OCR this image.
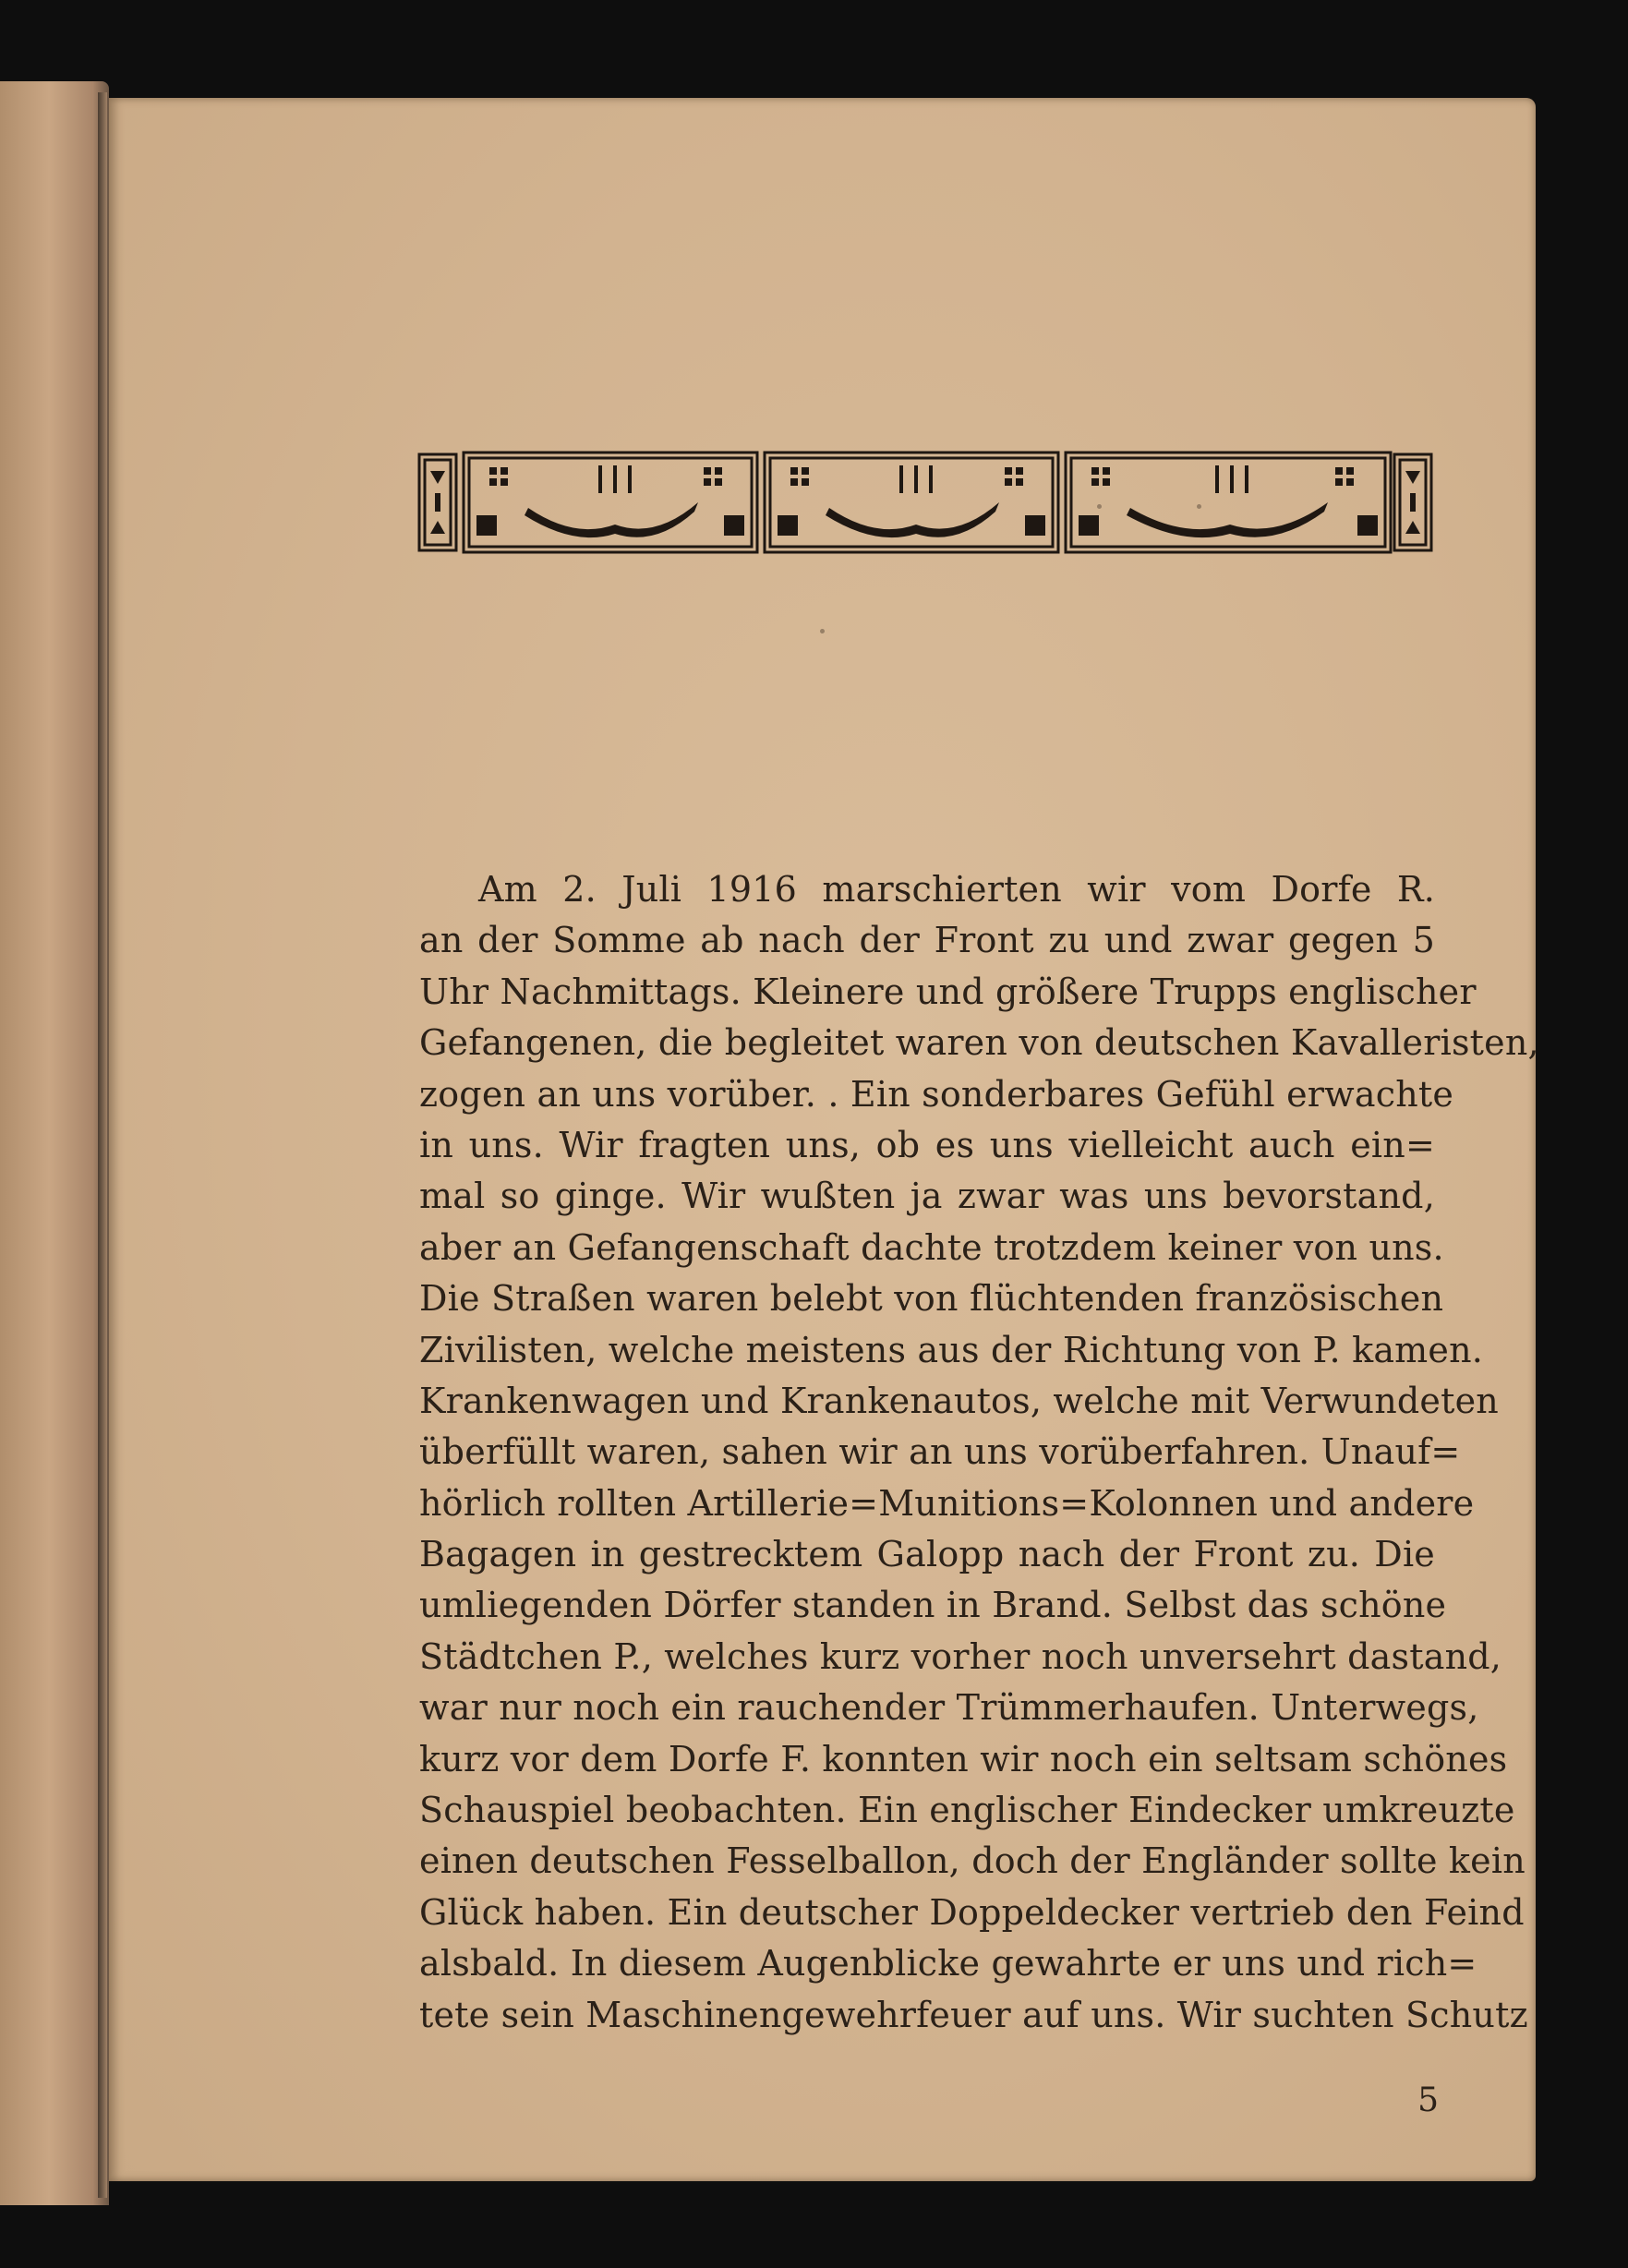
Am 2. Juli 1916 marschierten wir vom Dorfe R.
an der Somme ab nach der Front zu und zwar gegen 5
Uhr Nachmittags. Kleinere und größere Trupps englischer
Gefangenen, die begleitet waren von deutschen Kavalleristen,
zogen an uns vorüber. . Ein sonderbares Gefühl erwachte
in uns. Wir fragten uns, ob es uns vielleicht auch ein=
mal so ginge. Wir wußten ja zwar was uns bevorstand,
aber an Gefangenschaft dachte trotzdem keiner von uns.
Die Straßen waren belebt von flüchtenden französischen
Zivilisten, welche meistens aus der Richtung von P. kamen.
Krankenwagen und Krankenautos, welche mit Verwundeten
überfüllt waren, sahen wir an uns vorüberfahren. Unauf=
hörlich rollten Artillerie=Munitions=Kolonnen und andere
Bagagen in gestrecktem Galopp nach der Front zu. Die
umliegenden Dörfer standen in Brand. Selbst das schöne
Städtchen P., welches kurz vorher noch unversehrt dastand,
war nur noch ein rauchender Trümmerhaufen. Unterwegs,
kurz vor dem Dorfe F. konnten wir noch ein seltsam schönes
Schauspiel beobachten. Ein englischer Eindecker umkreuzte
einen deutschen Fesselballon, doch der Engländer sollte kein
Glück haben. Ein deutscher Doppeldecker vertrieb den Feind
alsbald. In diesem Augenblicke gewahrte er uns und rich=
tete sein Maschinengewehrfeuer auf uns. Wir suchten Schutz
5
